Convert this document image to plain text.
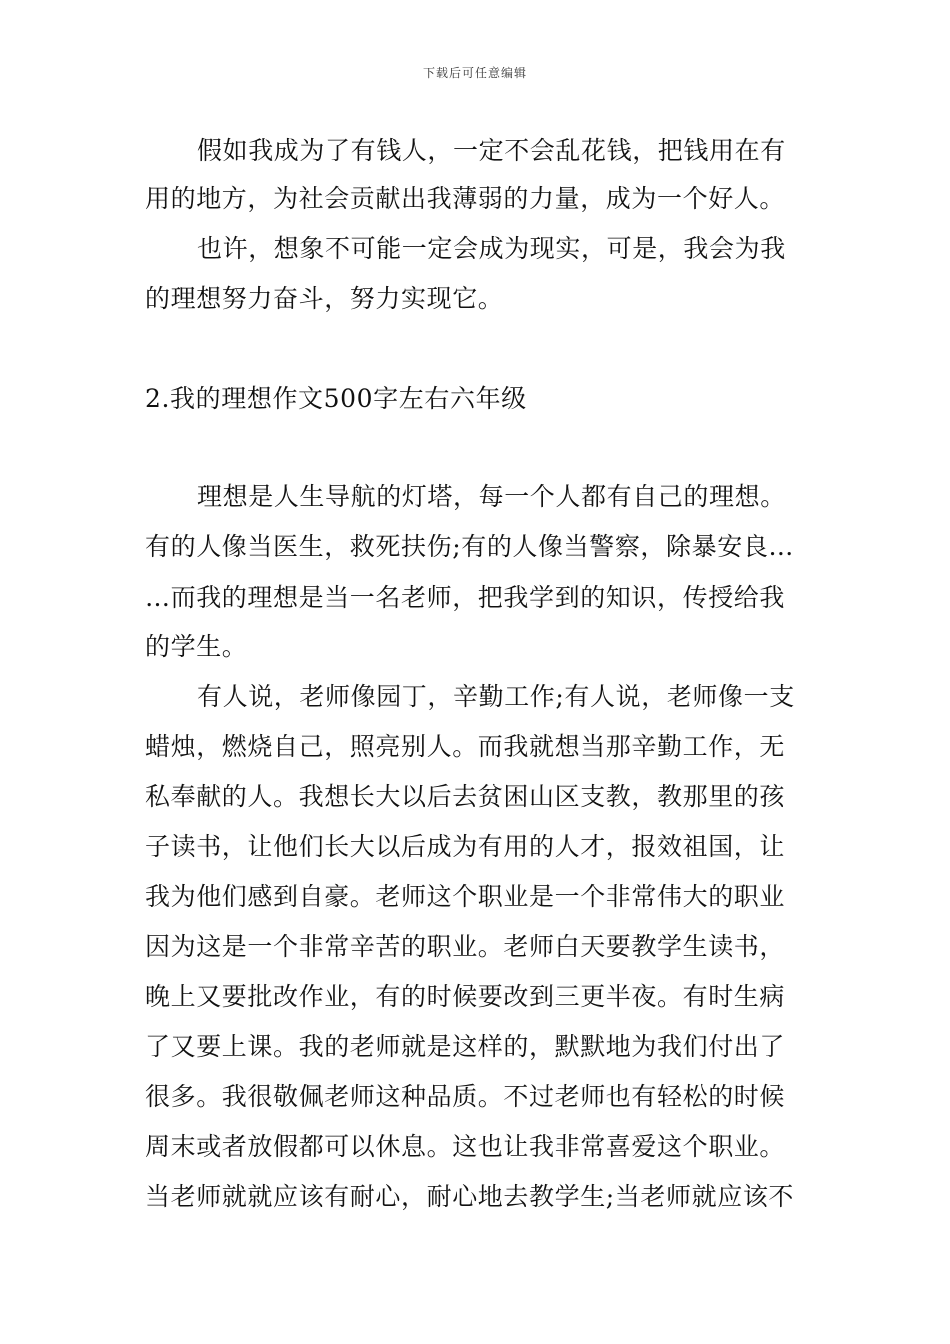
下载后可任意编辑
假如我成为了有钱人，一定不会乱花钱，把钱用在有
用的地方，为社会贡献出我薄弱的力量，成为一个好人。
也许，想象不可能一定会成为现实，可是，我会为我
的理想努力奋斗，努力实现它。
2.我的理想作文500字左右六年级
理想是人生导航的灯塔，每一个人都有自己的理想。
有的人像当医生，救死扶伤;有的人像当警察，除暴安良…
…而我的理想是当一名老师，把我学到的知识，传授给我
的学生。
有人说，老师像园丁，辛勤工作;有人说，老师像一支
蜡烛，燃烧自己，照亮别人。而我就想当那辛勤工作，无
私奉献的人。我想长大以后去贫困山区支教，教那里的孩
子读书，让他们长大以后成为有用的人才，报效祖国，让
我为他们感到自豪。老师这个职业是一个非常伟大的职业
因为这是一个非常辛苦的职业。老师白天要教学生读书，
晚上又要批改作业，有的时候要改到三更半夜。有时生病
了又要上课。我的老师就是这样的，默默地为我们付出了
很多。我很敬佩老师这种品质。不过老师也有轻松的时候
周末或者放假都可以休息。这也让我非常喜爱这个职业。
当老师就就应该有耐心，耐心地去教学生;当老师就应该不
